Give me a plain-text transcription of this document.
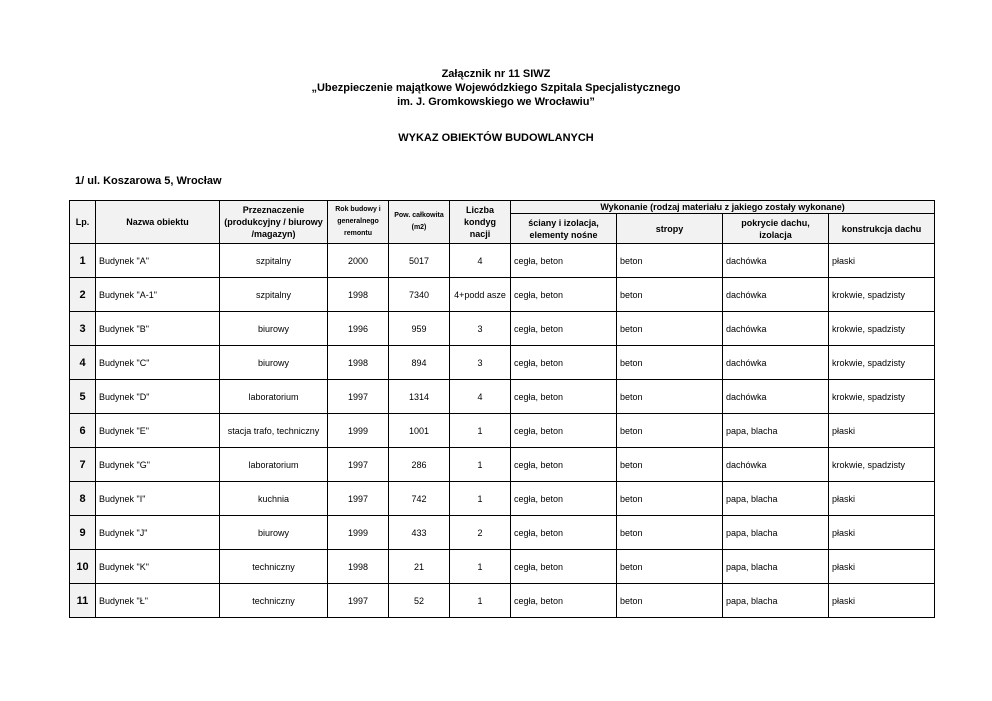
Załącznik nr 11 SIWZ
„Ubezpieczenie majątkowe Wojewódzkiego Szpitala Specjalistycznego
im. J. Gromkowskiego we Wrocławiu”
WYKAZ OBIEKTÓW BUDOWLANYCH
1/ ul. Koszarowa 5, Wrocław
Lp.	Nazwa obiektu	Przeznaczenie (produkcyjny / biurowy /magazyn)	Rok budowy i generalnego remontu	Pow. całkowita (m2)	Liczba kondyg nacji	Wykonanie (rodzaj materiału z jakiego zostały wykonane)			
						ściany i izolacja, elementy nośne	stropy	pokrycie dachu, izolacja	konstrukcja dachu
1	Budynek "A"	szpitalny	2000	5017	4	cegła, beton	beton	dachówka	płaski
2	Budynek "A-1"	szpitalny	1998	7340	4+podd asze	cegła, beton	beton	dachówka	krokwie, spadzisty
3	Budynek "B"	biurowy	1996	959	3	cegła, beton	beton	dachówka	krokwie, spadzisty
4	Budynek "C"	biurowy	1998	894	3	cegła, beton	beton	dachówka	krokwie, spadzisty
5	Budynek "D"	laboratorium	1997	1314	4	cegła, beton	beton	dachówka	krokwie, spadzisty
6	Budynek "E"	stacja trafo, techniczny	1999	1001	1	cegła, beton	beton	papa, blacha	płaski
7	Budynek "G"	laboratorium	1997	286	1	cegła, beton	beton	dachówka	krokwie, spadzisty
8	Budynek "I"	kuchnia	1997	742	1	cegła, beton	beton	papa, blacha	płaski
9	Budynek "J"	biurowy	1999	433	2	cegła, beton	beton	papa, blacha	płaski
10	Budynek "K"	techniczny	1998	21	1	cegła, beton	beton	papa, blacha	płaski
11	Budynek "Ł"	techniczny	1997	52	1	cegła, beton	beton	papa, blacha	płaski
